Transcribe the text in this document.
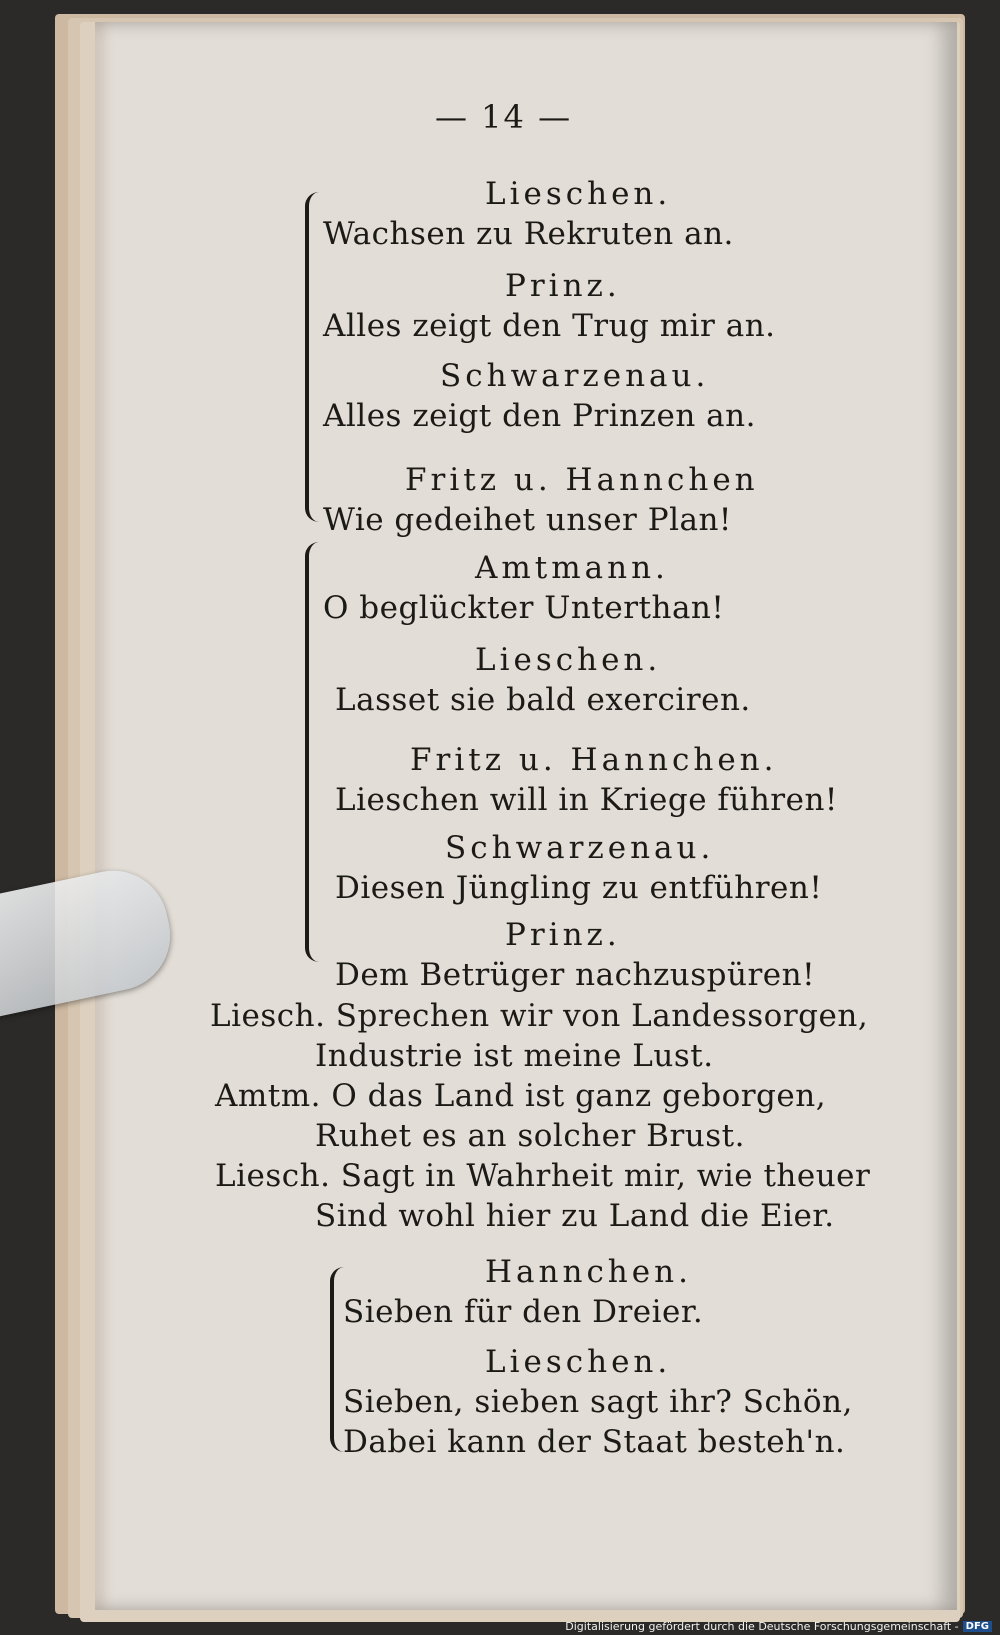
— 14 —
Lieschen.
Wachsen zu Rekruten an.
Prinz.
Alles zeigt den Trug mir an.
Schwarzenau.
Alles zeigt den Prinzen an.
Fritz u. Hannchen
Wie gedeihet unser Plan!
Amtmann.
O beglückter Unterthan!
Lieschen.
Lasset sie bald exerciren.
Fritz u. Hannchen.
Lieschen will in Kriege führen!
Schwarzenau.
Diesen Jüngling zu entführen!
Prinz.
Dem Betrüger nachzuspüren!
Liesch. Sprechen wir von Landessorgen,
Industrie ist meine Lust.
Amtm. O das Land ist ganz geborgen,
Ruhet es an solcher Brust.
Liesch. Sagt in Wahrheit mir, wie theuer
Sind wohl hier zu Land die Eier.
Hannchen.
Sieben für den Dreier.
Lieschen.
Sieben, sieben sagt ihr? Schön,
Dabei kann der Staat besteh'n.
Digitalisierung gefördert durch die Deutsche Forschungsgemeinschaft - DFG
